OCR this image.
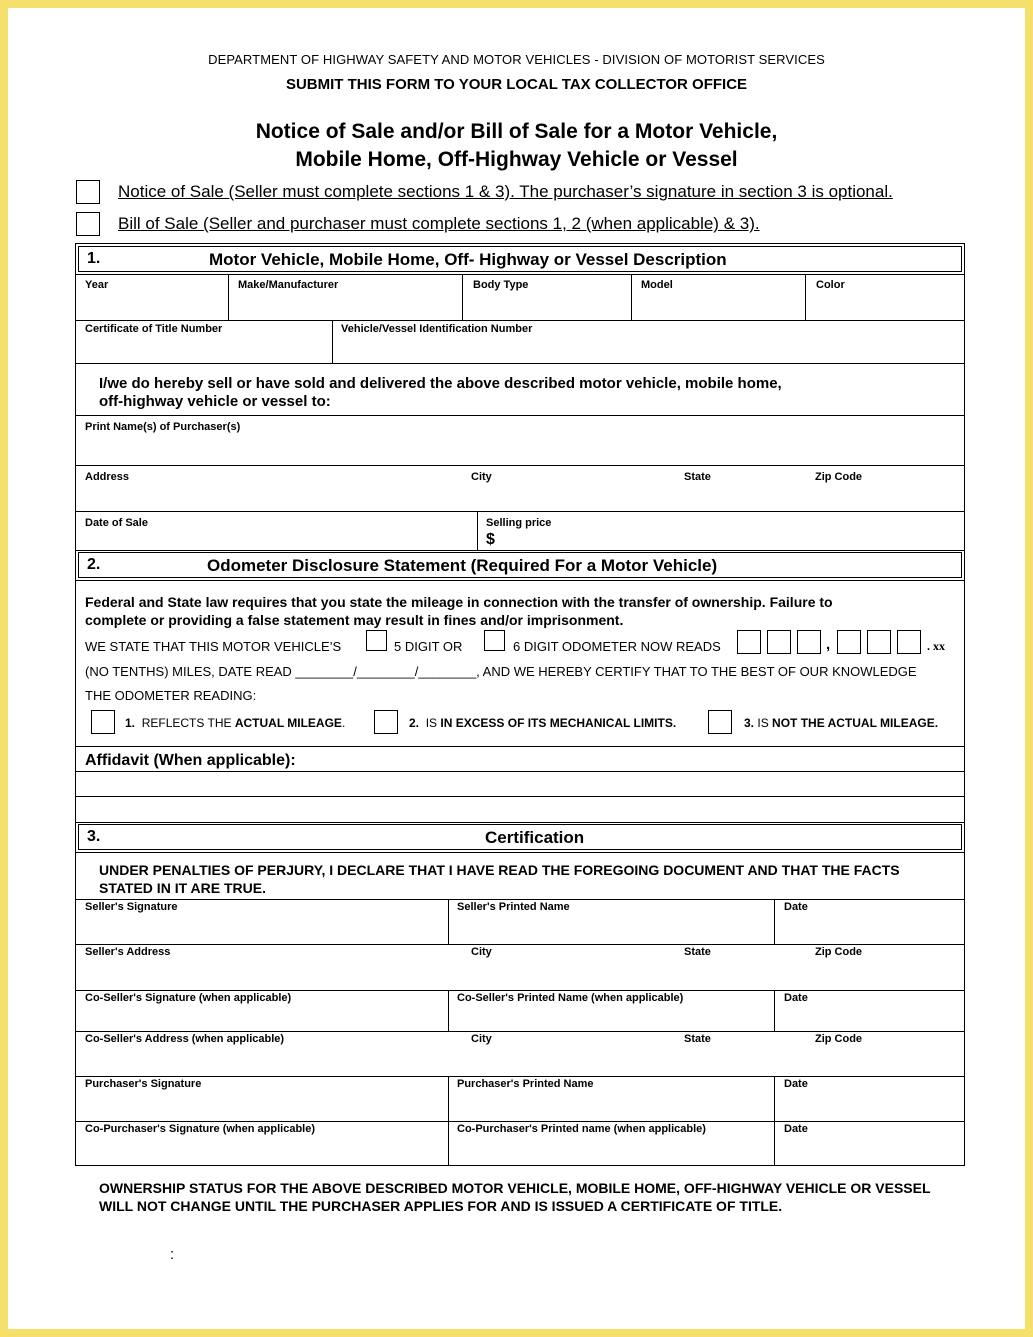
DEPARTMENT OF HIGHWAY SAFETY AND MOTOR VEHICLES - DIVISION OF MOTORIST SERVICES
SUBMIT THIS FORM TO YOUR LOCAL TAX COLLECTOR OFFICE
Notice of Sale and/or Bill of Sale for a Motor Vehicle,
Mobile Home, Off-Highway Vehicle or Vessel
Notice of Sale (Seller must complete sections 1 & 3). The purchaser’s signature in section 3 is optional.
Bill of Sale (Seller and purchaser must complete sections 1, 2 (when applicable) & 3).
1.	Motor Vehicle, Mobile Home, Off- Highway or Vessel Description
Year	Make/Manufacturer	Body Type	Model	Color
Certificate of Title Number	Vehicle/Vessel Identification Number
I/we do hereby sell or have sold and delivered the above described motor vehicle, mobile home,
off-highway vehicle or vessel to:
Print Name(s) of Purchaser(s)
Address	City	State	Zip Code
Date of Sale	Selling price
$
2.	Odometer Disclosure Statement (Required For a Motor Vehicle)
Federal and State law requires that you state the mileage in connection with the transfer of ownership. Failure to
complete or providing a false statement may result in fines and/or imprisonment.
WE STATE THAT THIS MOTOR VEHICLE’S	5 DIGIT OR	6 DIGIT ODOMETER NOW READS	,	. xx
(NO TENTHS) MILES, DATE READ ________/________/________, AND WE HEREBY CERTIFY THAT TO THE BEST OF OUR KNOWLEDGE
THE ODOMETER READING:
1. REFLECTS THE ACTUAL MILEAGE.	2. IS IN EXCESS OF ITS MECHANICAL LIMITS.	3. IS NOT THE ACTUAL MILEAGE.
Affidavit (When applicable):
3.	Certification
UNDER PENALTIES OF PERJURY, I DECLARE THAT I HAVE READ THE FOREGOING DOCUMENT AND THAT THE FACTS
STATED IN IT ARE TRUE.
Seller's Signature	Seller's Printed Name	Date
Seller's Address	City	State	Zip Code
Co-Seller's Signature (when applicable)	Co-Seller's Printed Name (when applicable)	Date
Co-Seller's Address (when applicable)	City	State	Zip Code
Purchaser's Signature	Purchaser's Printed Name	Date
Co-Purchaser's Signature (when applicable)	Co-Purchaser's Printed name (when applicable)	Date
OWNERSHIP STATUS FOR THE ABOVE DESCRIBED MOTOR VEHICLE, MOBILE HOME, OFF-HIGHWAY VEHICLE OR VESSEL
WILL NOT CHANGE UNTIL THE PURCHASER APPLIES FOR AND IS ISSUED A CERTIFICATE OF TITLE.
:
